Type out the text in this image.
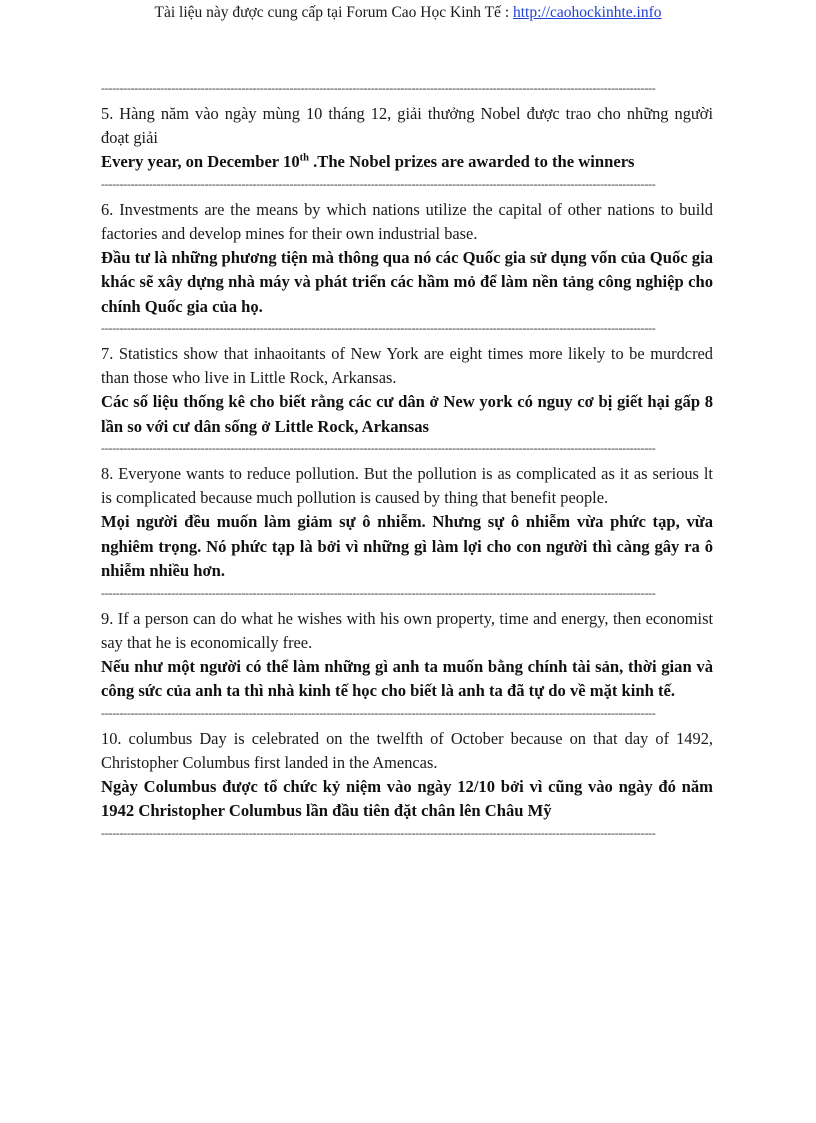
Tài liệu này được cung cấp tại Forum Cao Học Kinh Tế : http://caohockinhte.info
------------------------------------------------------------------------------------------------------------------------------------------------------

5. Hàng năm vào ngày mùng 10 tháng 12, giải thưởng Nobel được trao cho những người đoạt giải

Every year, on December 10th .The Nobel prizes are awarded to the winners

------------------------------------------------------------------------------------------------------------------------------------------------------

6. Investments are the means by which nations utilize the capital of other nations to build factories and develop mines for their own industrial base.

Đầu tư là những phương tiện mà thông qua nó các Quốc gia sử dụng vốn của Quốc gia khác sẽ xây dựng nhà máy và phát triển các hầm mỏ để làm nền tảng công nghiệp cho chính Quốc gia của họ.

------------------------------------------------------------------------------------------------------------------------------------------------------

7. Statistics show that inhaoitants of New York are eight times more likely to be murdcred than those who live in Little Rock, Arkansas.

Các số liệu thống kê cho biết rằng các cư dân ở New york có nguy cơ bị giết hại gấp 8 lần so với cư dân sống ở Little Rock, Arkansas

------------------------------------------------------------------------------------------------------------------------------------------------------

8. Everyone wants to reduce pollution. But the pollution is as complicated as it as serious lt is complicated because much pollution is caused by thing that benefit people.

Mọi người đều muốn làm giảm sự ô nhiễm. Nhưng sự ô nhiễm vừa phức tạp, vừa nghiêm trọng. Nó phức tạp là bởi vì những gì làm lợi cho con người thì càng gây ra ô nhiễm nhiều hơn.

------------------------------------------------------------------------------------------------------------------------------------------------------

9. If a person can do what he wishes with his own property, time and energy, then economist say that he is economically free.

Nếu như một người có thể làm những gì anh ta muốn bằng chính tài sản, thời gian và công sức của anh ta thì nhà kinh tế học cho biết là anh ta đã tự do về mặt kinh tế.

------------------------------------------------------------------------------------------------------------------------------------------------------

10. columbus Day is celebrated on the twelfth of October because on that day of 1492, Christopher Columbus first landed in the Amencas.

Ngày Columbus được tổ chức kỷ niệm vào ngày 12/10 bởi vì cũng vào ngày đó năm 1942 Christopher Columbus lần đầu tiên đặt chân lên Châu Mỹ

------------------------------------------------------------------------------------------------------------------------------------------------------
